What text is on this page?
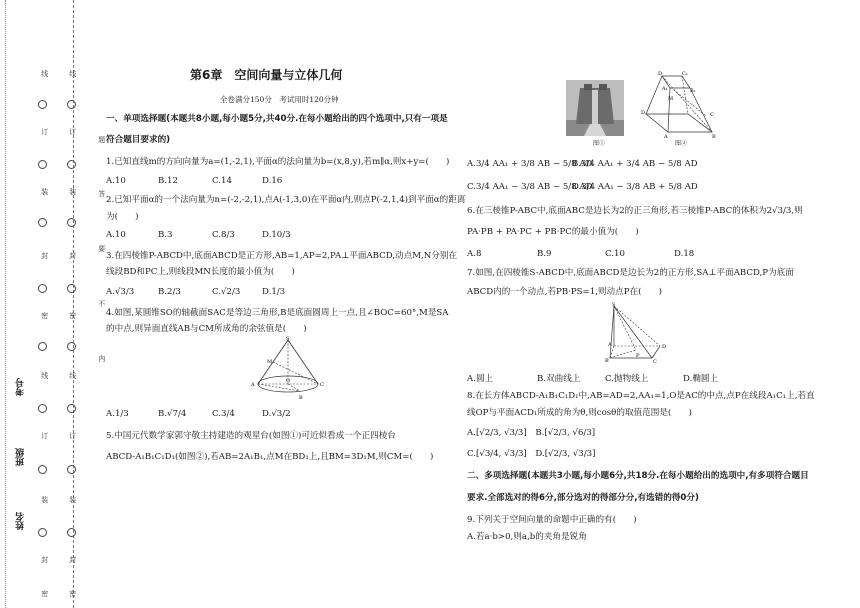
线
订
装
封
密
线
订
装
封
密
题
答
要
不
内
考号
班级
姓名
线
订
装
封
密
线
订
装
封
密
第6章　空间向量与立体几何
全卷满分150分　考试用时120分钟
一、单项选择题(本题共8小题,每小题5分,共40分.在每小题给出的四个选项中,只有一项是
符合题目要求的)
1.已知直线m的方向向量为a=(1,-2,1),平面α的法向量为b=(x,8,y),若m∥α,则x+y=(　　)
A.10	B.12	C.14	D.16
2.已知平面α的一个法向量为n=(-2,-2,1),点A(-1,3,0)在平面α内,则点P(-2,1,4)到平面α的距离
为(　　)
A.10	B.3	C.8/3	D.10/3
3.在四棱锥P-ABCD中,底面ABCD是正方形,AB=1,AP=2,PA⊥平面ABCD,动点M,N分别在
线段BD和PC上,则线段MN长度的最小值为(　　)
A.√3/3	B.2/3	C.√2/3	D.1/3
4.如图,某圆锥SO的轴截面SAC是等边三角形,B是底面圆周上一点,且∠BOC=60°,M是SA
的中点,则异面直线AB与CM所成角的余弦值是(　　)
S
M
A
O
C
B
A.1/3	B.√7/4	C.3/4	D.√3/2
5.中国元代数学家郭守敬主持建造的观星台(如图①)可近似看成一个正四棱台
ABCD-A₁B₁C₁D₁(如图②),若AB=2A₁B₁,点M在BD₁上,且BM=3D₁M,则CM=(　　)
图①
D	C₁
A₁	B₁
M
D	C
A	B
图②
A.3/4 AA₁ + 3/8 AB − 5/8 AD
B.3/4 AA₁ + 3/4 AB − 5/8 AD
C.3/4 AA₁ − 3/8 AB − 5/8 AD
D.3/4 AA₁ − 3/8 AB + 5/8 AD
6.在三棱锥P-ABC中,底面ABC是边长为2的正三角形,若三棱锥P-ABC的体积为2√3/3,则
PA·PB + PA·PC + PB·PC的最小值为(　　)
A.8	B.9	C.10	D.18
7.如图,在四棱锥S-ABCD中,底面ABCD是边长为2的正方形,SA⊥平面ABCD,P为底面
ABCD内的一个动点,若PB·PS=1,则动点P在(　　)
S
A	D
B
P
C
A.圆上	B.双曲线上	C.抛物线上	D.椭圆上
8.在长方体ABCD-A₁B₁C₁D₁中,AB=AD=2,AA₁=1,O是AC的中点,点P在线段A₁C₁上,若直
线OP与平面ACD₁所成的角为θ,则cosθ的取值范围是(　　)
A.[√2/3, √3/3]　B.[√2/3, √6/3]
C.[√3/4, √3/3]　D.[√2/3, √3/3]
二、多项选择题(本题共3小题,每小题6分,共18分.在每小题给出的选项中,有多项符合题目
要求.全部选对的得6分,部分选对的得部分分,有选错的得0分)
9.下列关于空间向量的命题中正确的有(　　)
A.若a·b>0,则a,b的夹角是锐角
